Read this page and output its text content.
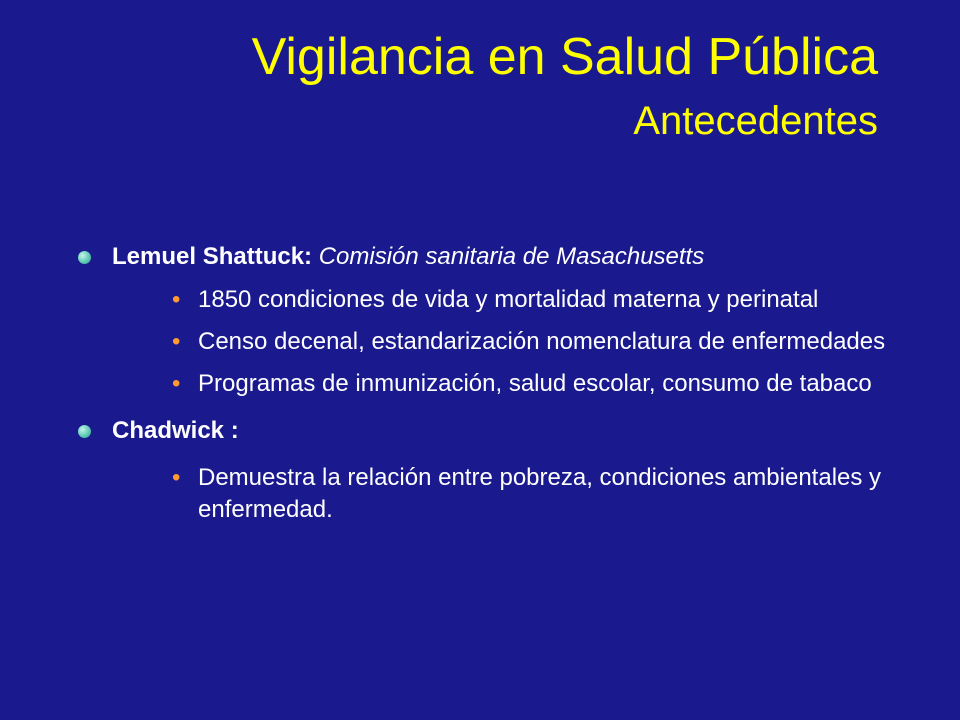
Vigilancia en Salud Pública
Antecedentes
Lemuel Shattuck: Comisión sanitaria de Masachusetts
• 1850 condiciones de vida y mortalidad materna y perinatal
• Censo decenal, estandarización nomenclatura de enfermedades
• Programas de inmunización, salud escolar, consumo de tabaco
Chadwick :
• Demuestra la relación entre pobreza, condiciones ambientales y enfermedad.
